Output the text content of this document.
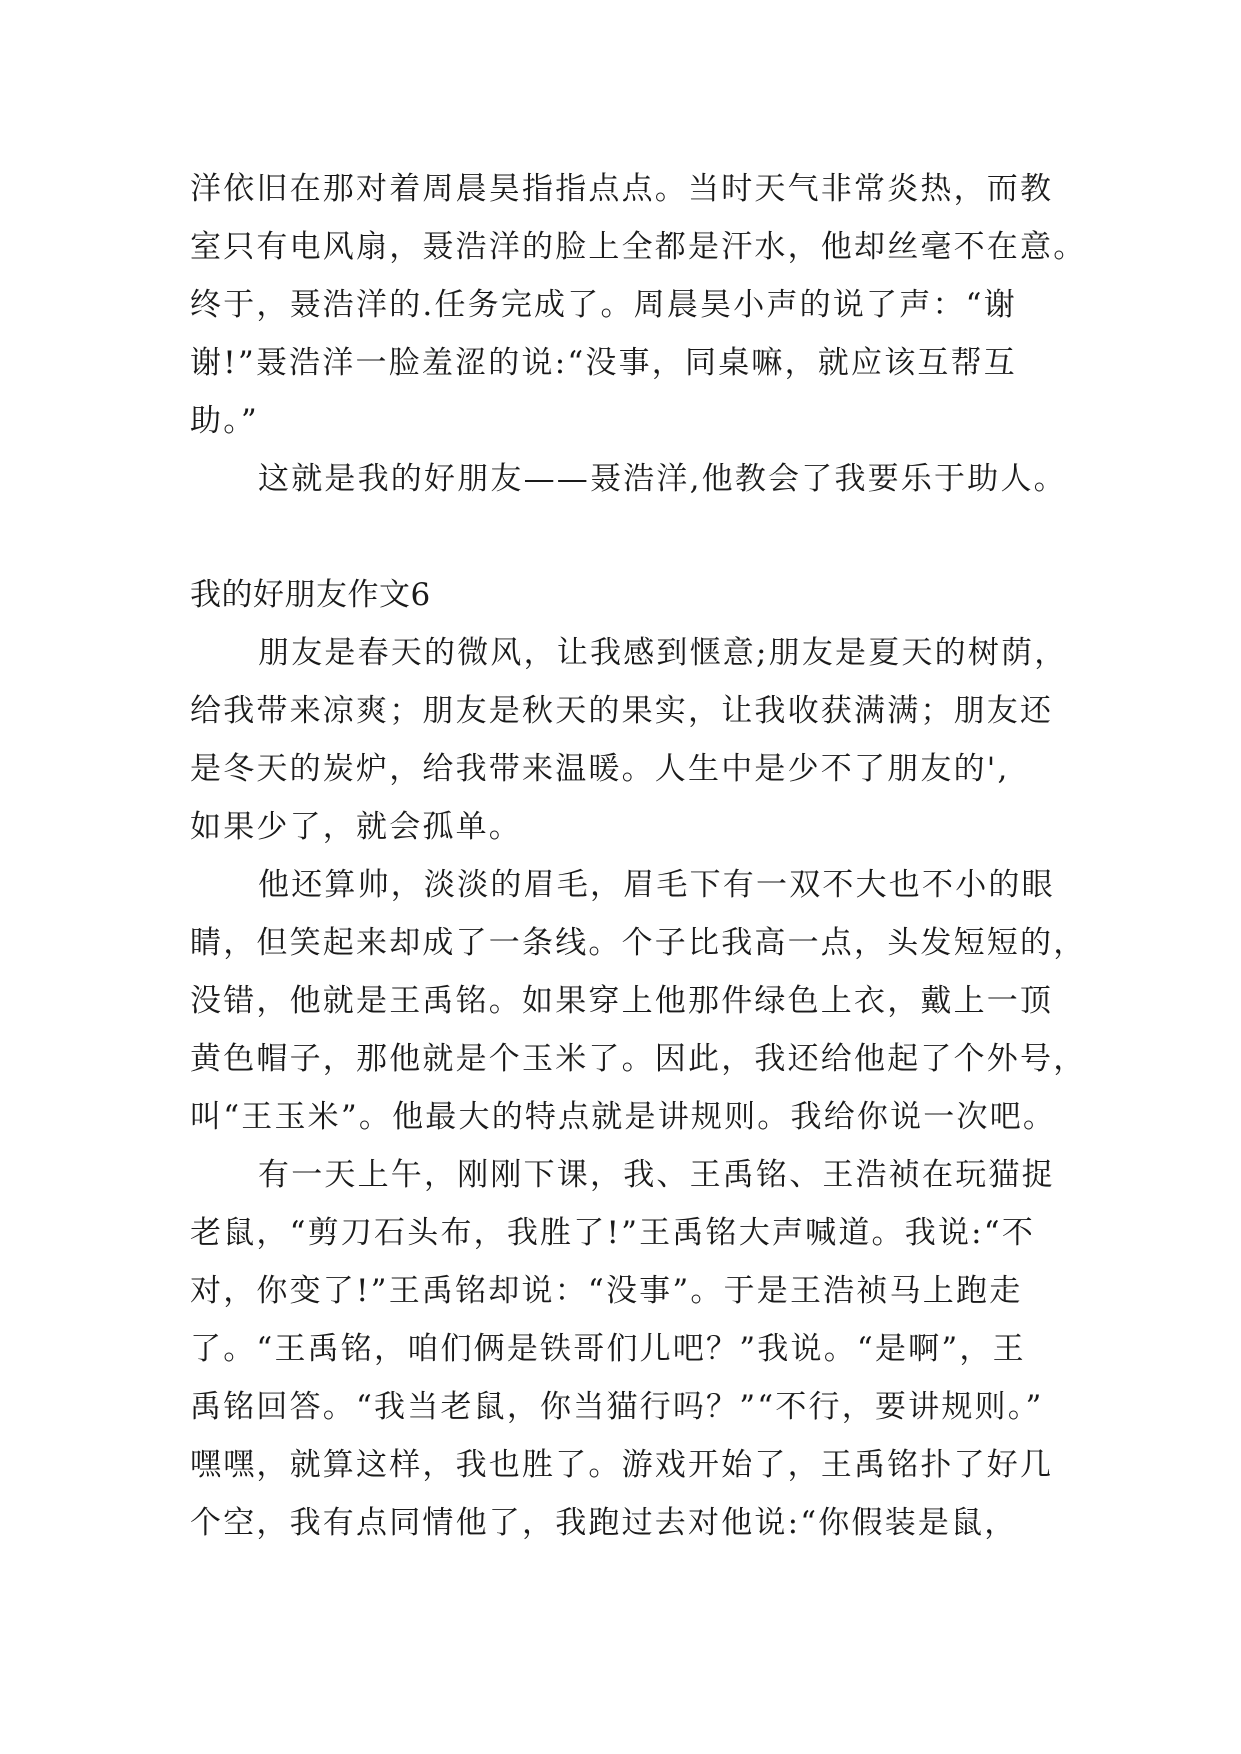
洋依旧在那对着周晨昊指指点点。当时天气非常炎热，而教
室只有电风扇，聂浩洋的脸上全都是汗水，他却丝毫不在意。
终于，聂浩洋的.任务完成了。周晨昊小声的说了声：“谢
谢!”聂浩洋一脸羞涩的说:“没事，同桌嘛，就应该互帮互
助。”
这就是我的好朋友——聂浩洋,他教会了我要乐于助人。
我的好朋友作文6
朋友是春天的微风，让我感到惬意;朋友是夏天的树荫，
给我带来凉爽；朋友是秋天的果实，让我收获满满；朋友还
是冬天的炭炉，给我带来温暖。人生中是少不了朋友的',
如果少了，就会孤单。
他还算帅，淡淡的眉毛，眉毛下有一双不大也不小的眼
睛，但笑起来却成了一条线。个子比我高一点，头发短短的，
没错，他就是王禹铭。如果穿上他那件绿色上衣，戴上一顶
黄色帽子，那他就是个玉米了。因此，我还给他起了个外号，
叫“王玉米”。他最大的特点就是讲规则。我给你说一次吧。
有一天上午，刚刚下课，我、王禹铭、王浩祯在玩猫捉
老鼠，“剪刀石头布，我胜了!”王禹铭大声喊道。我说:“不
对，你变了!”王禹铭却说：“没事”。于是王浩祯马上跑走
了。“王禹铭，咱们俩是铁哥们儿吧？”我说。“是啊”，王
禹铭回答。“我当老鼠，你当猫行吗？”“不行，要讲规则。”
嘿嘿，就算这样，我也胜了。游戏开始了，王禹铭扑了好几
个空，我有点同情他了，我跑过去对他说:“你假装是鼠，
